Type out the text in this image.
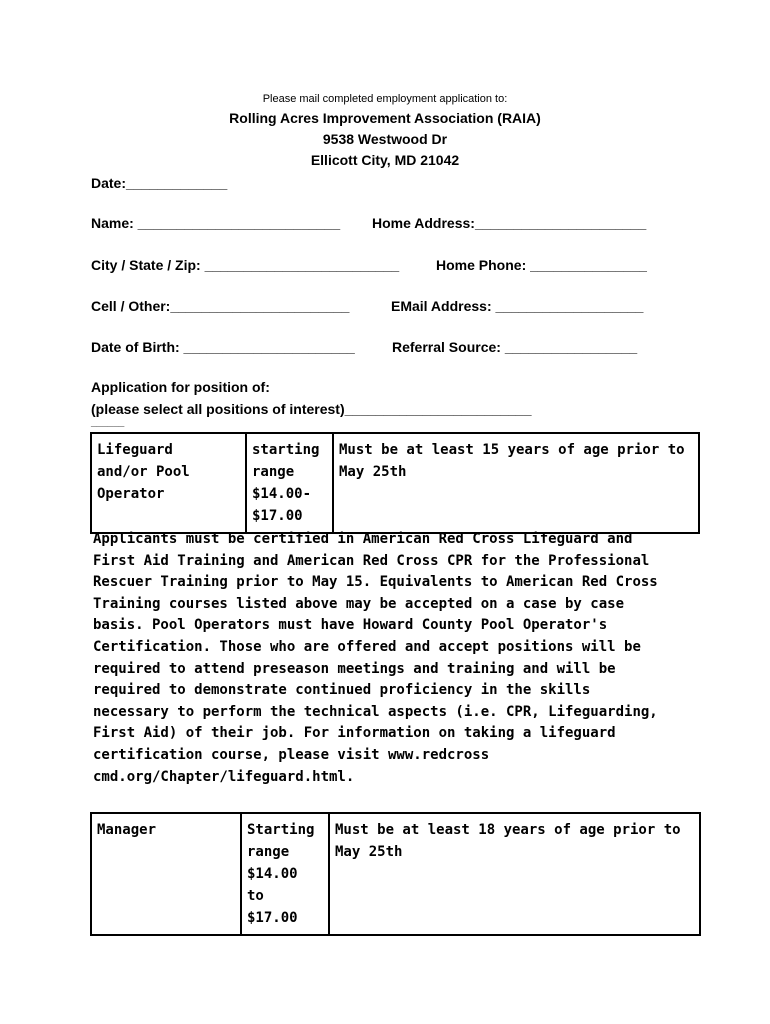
Please mail completed employment application to:
Rolling Acres Improvement Association (RAIA)
9538 Westwood Dr
Ellicott City, MD 21042
Date:_____________
Name: __________________________ Home Address:______________________
City / State / Zip: _________________________	Home Phone: _______________
Cell / Other:_______________________	EMail Address: ___________________
Date of Birth: ______________________	Referral Source: _________________
Application for position of:
(please select all positions of interest)________________________
______
Lifeguard
and/or Pool
Operator	starting
range
$14.00-
$17.00	Must be at least 15 years of age prior to
May 25th
Applicants must be certified in American Red Cross Lifeguard and
First Aid Training and American Red Cross CPR for the Professional
Rescuer Training prior to May 15. Equivalents to American Red Cross
Training courses listed above may be accepted on a case by case
basis. Pool Operators must have Howard County Pool Operator's
Certification. Those who are offered and accept positions will be
required to attend preseason meetings and training and will be
required to demonstrate continued proficiency in the skills
necessary to perform the technical aspects (i.e. CPR, Lifeguarding,
First Aid) of their job. For information on taking a lifeguard
certification course, please visit www.redcross
cmd.org/Chapter/lifeguard.html.
Manager	Starting
range
$14.00
to
$17.00	Must be at least 18 years of age prior to
May 25th
